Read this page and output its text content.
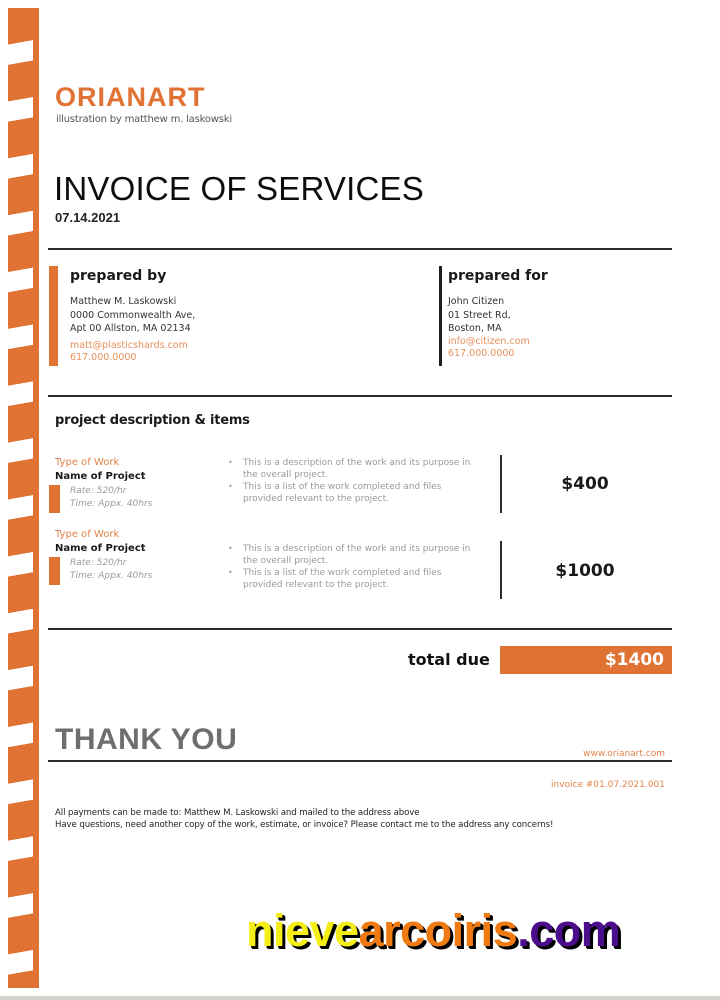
ORIANART
illustration by matthew m. laskowski
INVOICE OF SERVICES
07.14.2021
prepared by
Matthew M. Laskowski
0000 Commonwealth Ave,
Apt 00 Allston, MA 02134
matt@plasticshards.com
617.000.0000
prepared for
John Citizen
01 Street Rd,
Boston, MA
info@citizen.com
617.000.0000
project description & items
Type of Work
Name of Project
Rate: 520/hr
Time: Appx. 40hrs
• This is a description of the work and its purpose in the overall project.
• This is a list of the work completed and files provided relevant to the project.
$400
Type of Work
Name of Project
Rate: 520/hr
Time: Appx. 40hrs
• This is a description of the work and its purpose in the overall project.
• This is a list of the work completed and files provided relevant to the project.
$1000
total due	$1400
THANK YOU	www.orianart.com
invoice #01.07.2021.001
All payments can be made to: Matthew M. Laskowski and mailed to the address above
Have questions, need another copy of the work, estimate, or invoice? Please contact me to the address any concerns!
nievearcoiris.com
